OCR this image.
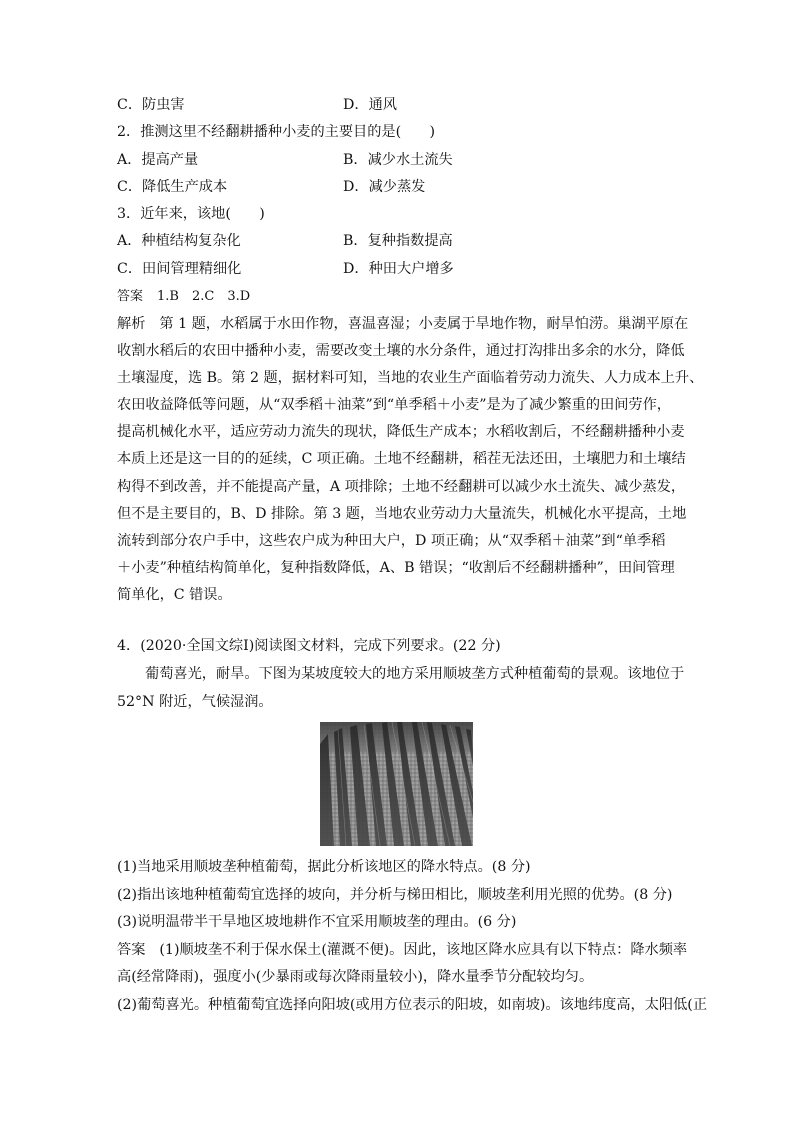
C．防虫害	D．通风
2．推测这里不经翻耕播种小麦的主要目的是(　　)
A．提高产量	B．减少水土流失
C．降低生产成本	D．减少蒸发
3．近年来，该地(　　)
A．种植结构复杂化	B．复种指数提高
C．田间管理精细化	D．种田大户增多
答案 1.B　2.C　3.D
解析 第 1 题，水稻属于水田作物，喜温喜湿；小麦属于旱地作物，耐旱怕涝。巢湖平原在
收割水稻后的农田中播种小麦，需要改变土壤的水分条件，通过打沟排出多余的水分，降低
土壤湿度，选 B。第 2 题，据材料可知，当地的农业生产面临着劳动力流失、人力成本上升、
农田收益降低等问题，从“双季稻＋油菜”到“单季稻＋小麦”是为了减少繁重的田间劳作，
提高机械化水平，适应劳动力流失的现状，降低生产成本；水稻收割后，不经翻耕播种小麦
本质上还是这一目的的延续，C 项正确。土地不经翻耕，稻茬无法还田，土壤肥力和土壤结
构得不到改善，并不能提高产量，A 项排除；土地不经翻耕可以减少水土流失、减少蒸发，
但不是主要目的，B、D 排除。第 3 题，当地农业劳动力大量流失，机械化水平提高，土地
流转到部分农户手中，这些农户成为种田大户，D 项正确；从“双季稻＋油菜”到“单季稻
＋小麦”种植结构简单化，复种指数降低，A、B 错误；“收割后不经翻耕播种”，田间管理
简单化，C 错误。
4．(2020·全国文综Ⅰ)阅读图文材料，完成下列要求。(22 分)
葡萄喜光，耐旱。下图为某坡度较大的地方采用顺坡垄方式种植葡萄的景观。该地位于
52°N 附近，气候湿润。
(1)当地采用顺坡垄种植葡萄，据此分析该地区的降水特点。(8 分)
(2)指出该地种植葡萄宜选择的坡向，并分析与梯田相比，顺坡垄利用光照的优势。(8 分)
(3)说明温带半干旱地区坡地耕作不宜采用顺坡垄的理由。(6 分)
答案 (1)顺坡垄不利于保水保土(灌溉不便)。因此，该地区降水应具有以下特点：降水频率
高(经常降雨)，强度小(少暴雨或每次降雨量较小)，降水量季节分配较均匀。
(2)葡萄喜光。种植葡萄宜选择向阳坡(或用方位表示的阳坡，如南坡)。该地纬度高，太阳低(正
